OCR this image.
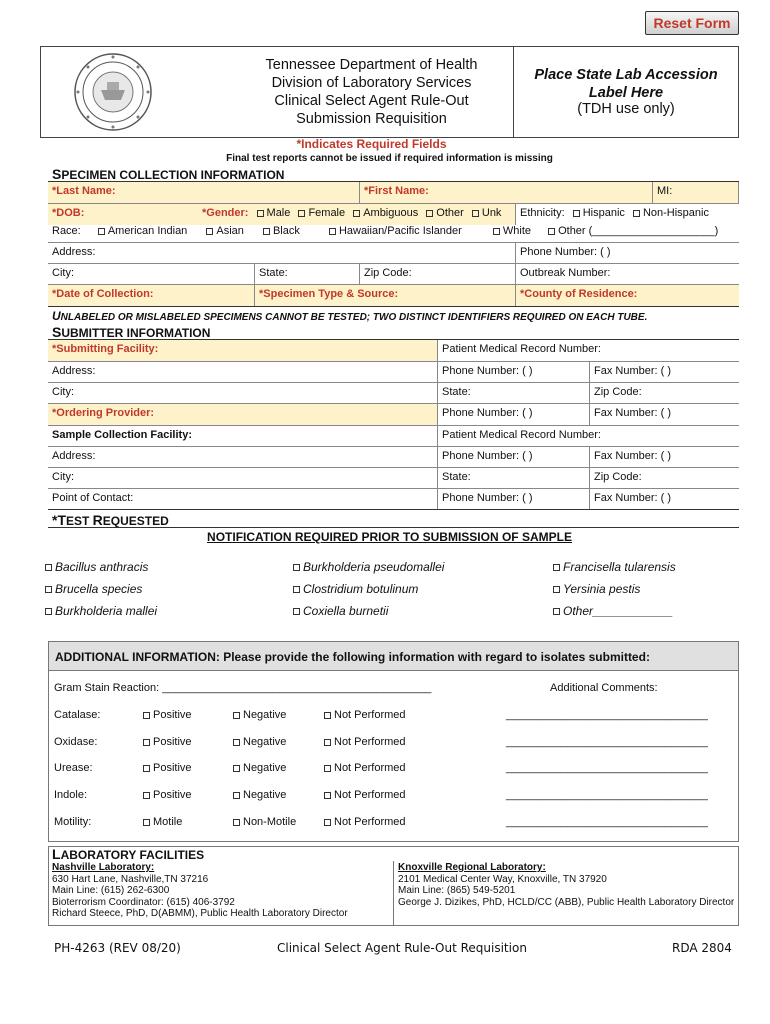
Reset Form
Tennessee Department of Health
Division of Laboratory Services
Clinical Select Agent Rule-Out
Submission Requisition
Place State Lab Accession
Label Here
(TDH use only)
*Indicates Required Fields
Final test reports cannot be issued if required information is missing
SPECIMEN COLLECTION INFORMATION
*Last Name:	*First Name:	MI:
*DOB:	*Gender: Male Female Ambiguous Other Unk	Ethnicity: Hispanic Non-Hispanic
Race: American Indian	Asian	Black	Hawaiian/Pacific Islander	White Other (____________________)
Address:	Phone Number: ( )
City:	State:	Zip Code:	Outbreak Number:
*Date of Collection:	*Specimen Type & Source:	*County of Residence:
UNLABELED OR MISLABELED SPECIMENS CANNOT BE TESTED; TWO DISTINCT IDENTIFIERS REQUIRED ON EACH TUBE.
SUBMITTER INFORMATION
*Submitting Facility:	Patient Medical Record Number:
Address:	Phone Number: ( )	Fax Number: ( )
City:	State:	Zip Code:
*Ordering Provider:	Phone Number: ( )	Fax Number: ( )
Sample Collection Facility:	Patient Medical Record Number:
Address:	Phone Number: ( )	Fax Number: ( )
City:	State:	Zip Code:
Point of Contact:	Phone Number: ( )	Fax Number: ( )
*TEST REQUESTED
NOTIFICATION REQUIRED PRIOR TO SUBMISSION OF SAMPLE
Bacillus anthracis	Burkholderia pseudomallei	Francisella tularensis
Brucella species	Clostridium botulinum	Yersinia pestis
Burkholderia mallei	Coxiella burnetii	Other____________
ADDITIONAL INFORMATION: Please provide the following information with regard to isolates submitted:
Gram Stain Reaction: ____________________________________________	Additional Comments:
Catalase:	Positive	Negative	Not Performed	_________________________________
Oxidase:	Positive	Negative	Not Performed	_________________________________
Urease:	Positive	Negative	Not Performed	_________________________________
Indole:	Positive	Negative	Not Performed	_________________________________
Motility:	Motile	Non-Motile	Not Performed	_________________________________
LABORATORY FACILITIES
Nashville Laboratory:
630 Hart Lane, Nashville,TN 37216
Main Line: (615) 262-6300
Bioterrorism Coordinator: (615) 406-3792
Richard Steece, PhD, D(ABMM), Public Health Laboratory Director
Knoxville Regional Laboratory:
2101 Medical Center Way, Knoxville, TN 37920
Main Line: (865) 549-5201
George J. Dizikes, PhD, HCLD/CC (ABB), Public Health Laboratory Director
PH-4263 (REV 08/20)	Clinical Select Agent Rule-Out Requisition	RDA 2804
